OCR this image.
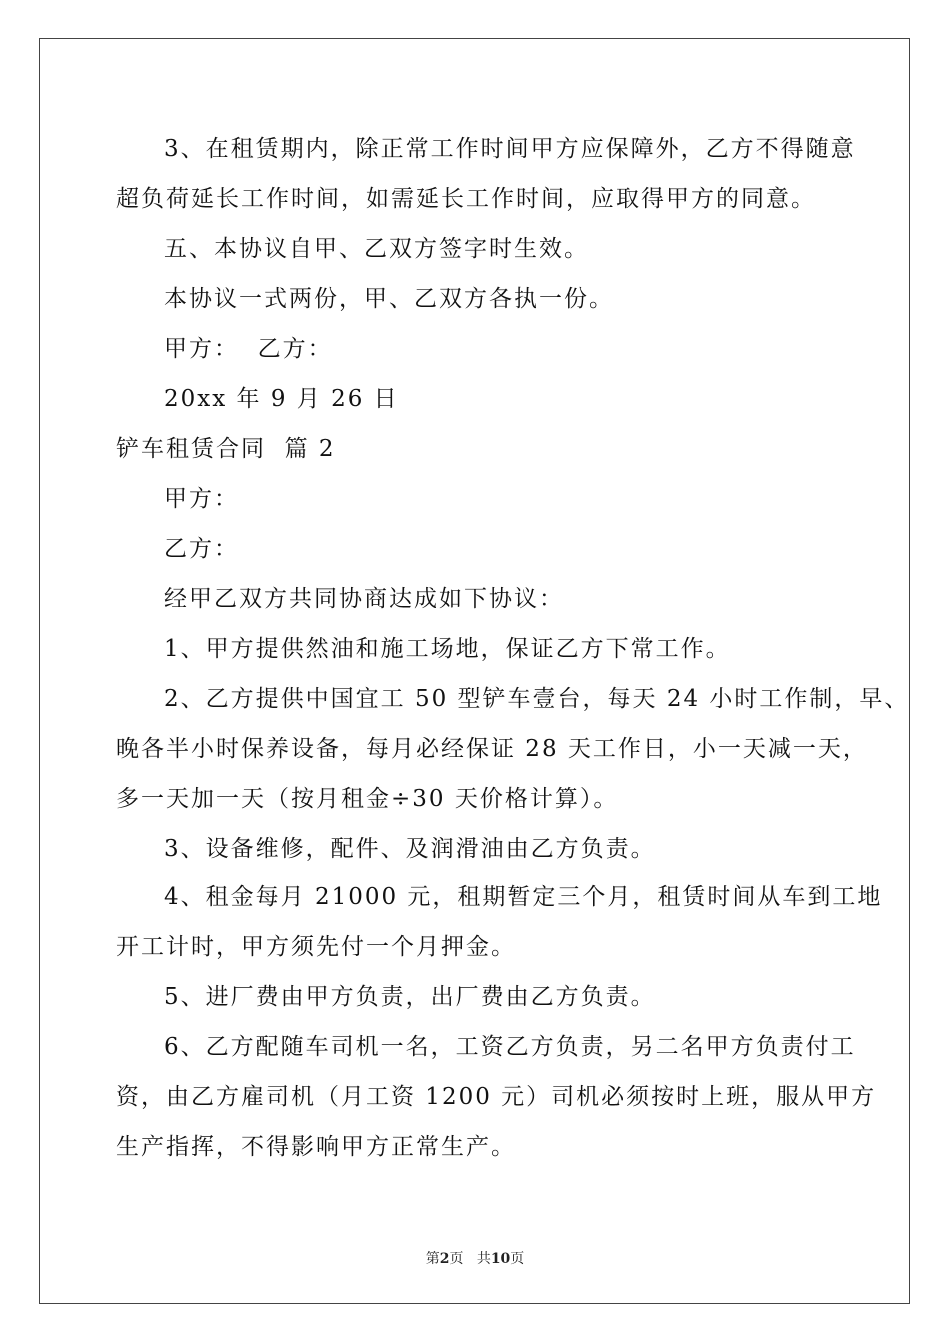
3、在租赁期内，除正常工作时间甲方应保障外，乙方不得随意
超负荷延长工作时间，如需延长工作时间，应取得甲方的同意。
五、本协议自甲、乙双方签字时生效。
本协议一式两份，甲、乙双方各执一份。
甲方：  乙方：
20xx 年 9 月 26 日
铲车租赁合同  篇 2
甲方：
乙方：
经甲乙双方共同协商达成如下协议：
1、甲方提供然油和施工场地，保证乙方下常工作。
2、乙方提供中国宜工 50 型铲车壹台，每天 24 小时工作制，早、
晚各半小时保养设备，每月必经保证 28 天工作日，小一天减一天，
多一天加一天（按月租金÷30 天价格计算）。
3、设备维修，配件、及润滑油由乙方负责。
4、租金每月 21000 元，租期暂定三个月，租赁时间从车到工地
开工计时，甲方须先付一个月押金。
5、进厂费由甲方负责，出厂费由乙方负责。
6、乙方配随车司机一名，工资乙方负责，另二名甲方负责付工
资，由乙方雇司机（月工资 1200 元）司机必须按时上班，服从甲方
生产指挥，不得影响甲方正常生产。
第2页 共10页
